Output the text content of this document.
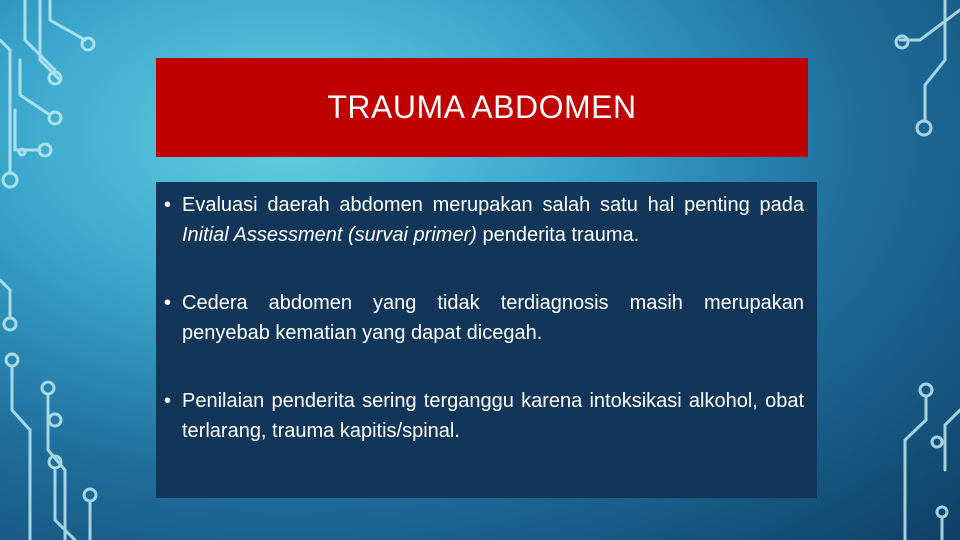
TRAUMA ABDOMEN
• Evaluasi daerah abdomen merupakan salah satu hal penting pada Initial Assessment (survai primer) penderita trauma.

• Cedera abdomen yang tidak terdiagnosis masih merupakan penyebab kematian yang dapat dicegah.

• Penilaian penderita sering terganggu karena intoksikasi alkohol, obat terlarang, trauma kapitis/spinal.
